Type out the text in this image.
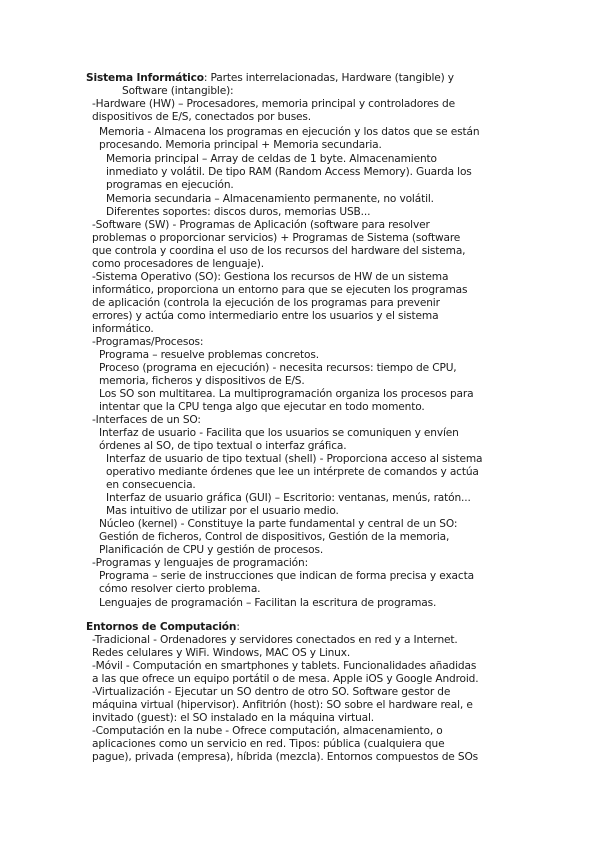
Sistema Informático: Partes interrelacionadas, Hardware (tangible) y
Software (intangible):
-Hardware (HW) – Procesadores, memoria principal y controladores de
dispositivos de E/S, conectados por buses.
Memoria - Almacena los programas en ejecución y los datos que se están
procesando. Memoria principal + Memoria secundaria.
Memoria principal – Array de celdas de 1 byte. Almacenamiento
inmediato y volátil. De tipo RAM (Random Access Memory). Guarda los
programas en ejecución.
Memoria secundaria – Almacenamiento permanente, no volátil.
Diferentes soportes: discos duros, memorias USB...
-Software (SW) - Programas de Aplicación (software para resolver
problemas o proporcionar servicios) + Programas de Sistema (software
que controla y coordina el uso de los recursos del hardware del sistema,
como procesadores de lenguaje).
-Sistema Operativo (SO): Gestiona los recursos de HW de un sistema
informático, proporciona un entorno para que se ejecuten los programas
de aplicación (controla la ejecución de los programas para prevenir
errores) y actúa como intermediario entre los usuarios y el sistema
informático.
-Programas/Procesos:
Programa – resuelve problemas concretos.
Proceso (programa en ejecución) - necesita recursos: tiempo de CPU,
memoria, ficheros y dispositivos de E/S.
Los SO son multitarea. La multiprogramación organiza los procesos para
intentar que la CPU tenga algo que ejecutar en todo momento.
-Interfaces de un SO:
Interfaz de usuario - Facilita que los usuarios se comuniquen y envíen
órdenes al SO, de tipo textual o interfaz gráfica.
Interfaz de usuario de tipo textual (shell) - Proporciona acceso al sistema
operativo mediante órdenes que lee un intérprete de comandos y actúa
en consecuencia.
Interfaz de usuario gráfica (GUI) – Escritorio: ventanas, menús, ratón...
Mas intuitivo de utilizar por el usuario medio.
Núcleo (kernel) - Constituye la parte fundamental y central de un SO:
Gestión de ficheros, Control de dispositivos, Gestión de la memoria,
Planificación de CPU y gestión de procesos.
-Programas y lenguajes de programación:
Programa – serie de instrucciones que indican de forma precisa y exacta
cómo resolver cierto problema.
Lenguajes de programación – Facilitan la escritura de programas.
Entornos de Computación:
-Tradicional - Ordenadores y servidores conectados en red y a Internet.
Redes celulares y WiFi. Windows, MAC OS y Linux.
-Móvil - Computación en smartphones y tablets. Funcionalidades añadidas
a las que ofrece un equipo portátil o de mesa. Apple iOS y Google Android.
-Virtualización - Ejecutar un SO dentro de otro SO. Software gestor de
máquina virtual (hipervisor). Anfitrión (host): SO sobre el hardware real, e
invitado (guest): el SO instalado en la máquina virtual.
-Computación en la nube - Ofrece computación, almacenamiento, o
aplicaciones como un servicio en red. Tipos: pública (cualquiera que
pague), privada (empresa), híbrida (mezcla). Entornos compuestos de SOs
